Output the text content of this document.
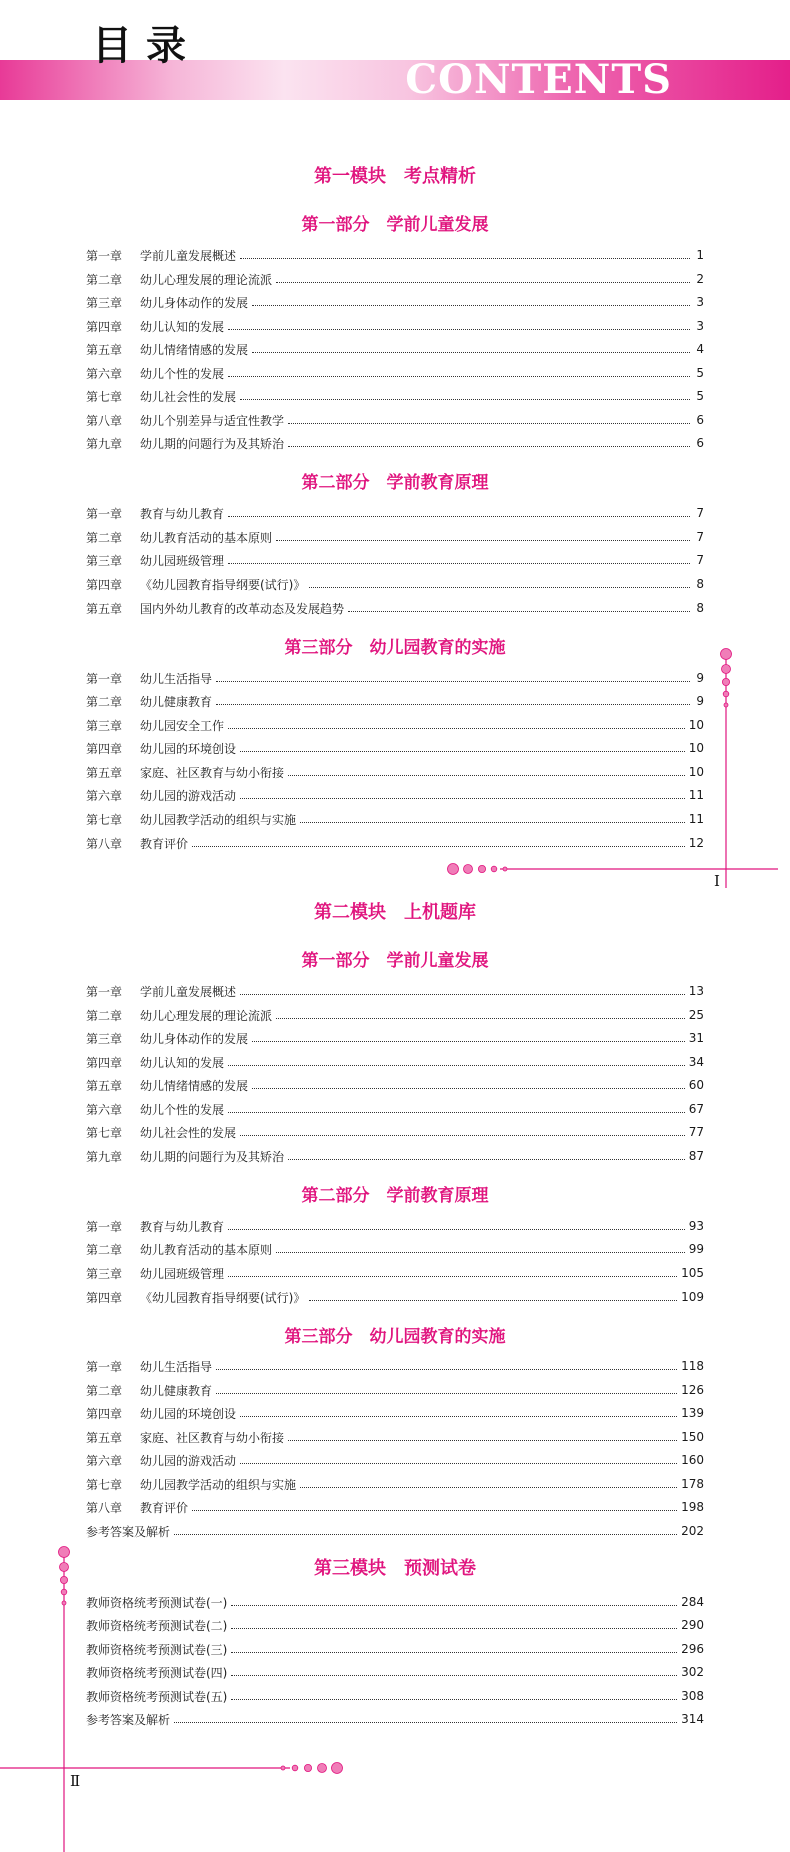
目录
CONTENTS
Ⅰ
Ⅱ
第一模块　考点精析
第一部分　学前儿童发展
第一章	学前儿童发展概述	1
第二章	幼儿心理发展的理论流派	2
第三章	幼儿身体动作的发展	3
第四章	幼儿认知的发展	3
第五章	幼儿情绪情感的发展	4
第六章	幼儿个性的发展	5
第七章	幼儿社会性的发展	5
第八章	幼儿个别差异与适宜性教学	6
第九章	幼儿期的问题行为及其矫治	6
第二部分　学前教育原理
第一章	教育与幼儿教育	7
第二章	幼儿教育活动的基本原则	7
第三章	幼儿园班级管理	7
第四章	《幼儿园教育指导纲要(试行)》	8
第五章	国内外幼儿教育的改革动态及发展趋势	8
第三部分　幼儿园教育的实施
第一章	幼儿生活指导	9
第二章	幼儿健康教育	9
第三章	幼儿园安全工作	10
第四章	幼儿园的环境创设	10
第五章	家庭、社区教育与幼小衔接	10
第六章	幼儿园的游戏活动	11
第七章	幼儿园教学活动的组织与实施	11
第八章	教育评价	12
第二模块　上机题库
第一部分　学前儿童发展
第一章	学前儿童发展概述	13
第二章	幼儿心理发展的理论流派	25
第三章	幼儿身体动作的发展	31
第四章	幼儿认知的发展	34
第五章	幼儿情绪情感的发展	60
第六章	幼儿个性的发展	67
第七章	幼儿社会性的发展	77
第九章	幼儿期的问题行为及其矫治	87
第二部分　学前教育原理
第一章	教育与幼儿教育	93
第二章	幼儿教育活动的基本原则	99
第三章	幼儿园班级管理	105
第四章	《幼儿园教育指导纲要(试行)》	109
第三部分　幼儿园教育的实施
第一章	幼儿生活指导	118
第二章	幼儿健康教育	126
第四章	幼儿园的环境创设	139
第五章	家庭、社区教育与幼小衔接	150
第六章	幼儿园的游戏活动	160
第七章	幼儿园教学活动的组织与实施	178
第八章	教育评价	198
参考答案及解析	202
第三模块　预测试卷
教师资格统考预测试卷(一)	284
教师资格统考预测试卷(二)	290
教师资格统考预测试卷(三)	296
教师资格统考预测试卷(四)	302
教师资格统考预测试卷(五)	308
参考答案及解析	314
